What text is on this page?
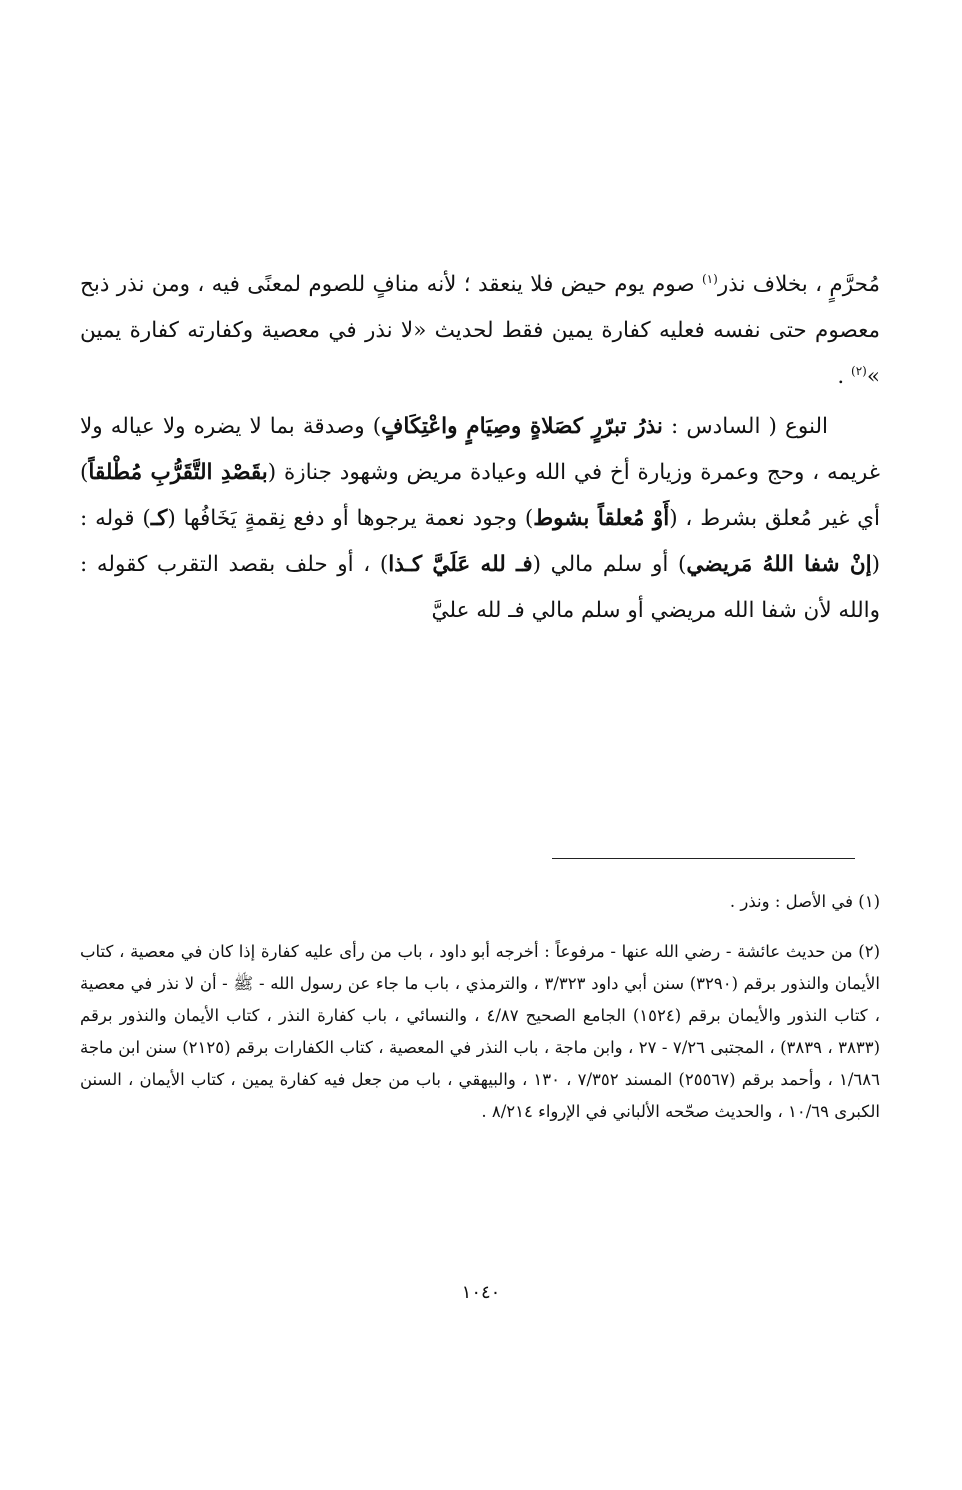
مُحرَّمٍ ، بخلاف نذر$^{(١)}$ صوم يوم حيض فلا ينعقد ؛ لأنه منافٍ للصوم لمعنًى فيه ، ومن نذر ذبح معصوم حتى نفسه فعليه كفارة يمين فقط لحديث «لا نذر في معصية وكفارته كفارة يمين »$^{(٢)}$ .

النوع ( السادس : نذرُ تبرّرٍ كصَلاةٍ وصِيَامٍ واعْتِكَافٍ) وصدقة بما لا يضره ولا عياله ولا غريمه ، وحج وعمرة وزيارة أخ في الله وعيادة مريض وشهود جنازة (بقَصْدِ التَّقَرُّبِ مُطْلقاً) أي غير مُعلق بشرط ، (أَوْ مُعلقاً بشوط) وجود نعمة يرجوها أو دفع نِقمةٍ يَخَافُها (كـ) قوله : (إنْ شفا اللهُ مَريضي) أو سلم مالي (فـ لله عَلَيَّ كـذا) ، أو حلف بقصد التقرب كقوله : والله لأن شفا الله مريضي أو سلم مالي فـ لله عليَّ

(١) في الأصل : ونذر .

(٢) من حديث عائشة - رضي الله عنها - مرفوعاً : أخرجه أبو داود ، باب من رأى عليه كفارة إذا كان في معصية ، كتاب الأيمان والنذور برقم (٣٢٩٠) سنن أبي داود ٣/٣٢٣ ، والترمذي ، باب ما جاء عن رسول الله - ﷺ - أن لا نذر في معصية ، كتاب النذور والأيمان برقم (١٥٢٤) الجامع الصحيح ٤/٨٧ ، والنسائي ، باب كفارة النذر ، كتاب الأيمان والنذور برقم (٣٨٣٣ ، ٣٨٣٩) ، المجتبى ٧/٢٦ - ٢٧ ، وابن ماجة ، باب النذر في المعصية ، كتاب الكفارات برقم (٢١٢٥) سنن ابن ماجة ١/٦٨٦ ، وأحمد برقم (٢٥٥٦٧) المسند ٧/٣٥٢ ، ١٣٠ ، والبيهقي ، باب من جعل فيه كفارة يمين ، كتاب الأيمان ، السنن الكبرى ١٠/٦٩ ، والحديث صحّحه الألباني في الإرواء ٨/٢١٤ .

١٠٤٠
